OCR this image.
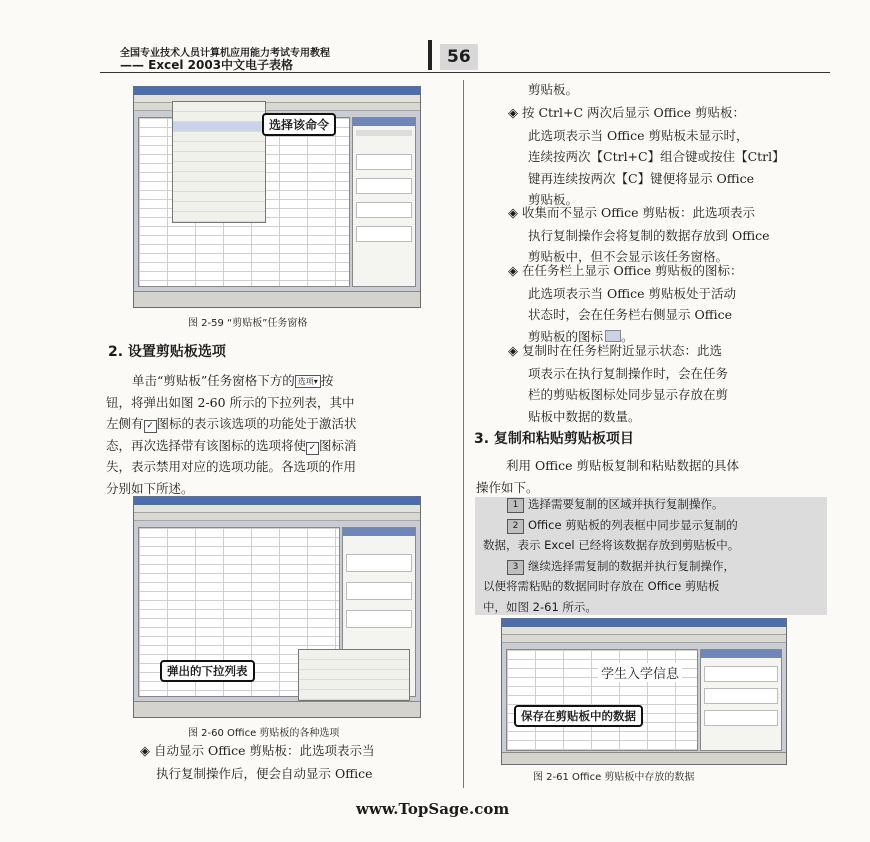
全国专业技术人员计算机应用能力考试专用教程
—— Excel 2003中文电子表格	56
选择该命令
图 2-59 “剪贴板”任务窗格
2. 设置剪贴板选项
单击“剪贴板”任务窗格下方的 选项▾ 按
钮，将弹出如图 2-60 所示的下拉列表，其中
左侧有 ✓ 图标的表示该选项的功能处于激活状
态，再次选择带有该图标的选项将使 ✓ 图标消
失，表示禁用对应的选项功能。各选项的作用
分别如下所述。
弹出的下拉列表
图 2-60 Office 剪贴板的各种选项
◈ 自动显示 Office 剪贴板：此选项表示当
执行复制操作后，便会自动显示 Office
剪贴板。
◈ 按 Ctrl+C 两次后显示 Office 剪贴板：
此选项表示当 Office 剪贴板未显示时，
连续按两次【Ctrl+C】组合键或按住【Ctrl】
键再连续按两次【C】键便将显示 Office
剪贴板。
◈ 收集而不显示 Office 剪贴板：此选项表示
执行复制操作会将复制的数据存放到 Office
剪贴板中，但不会显示该任务窗格。
◈ 在任务栏上显示 Office 剪贴板的图标：
此选项表示当 Office 剪贴板处于活动
状态时，会在任务栏右侧显示 Office
剪贴板的图标 。
◈ 复制时在任务栏附近显示状态：此选
项表示在执行复制操作时，会在任务
栏的剪贴板图标处同步显示存放在剪
贴板中数据的数量。
3. 复制和粘贴剪贴板项目
利用 Office 剪贴板复制和粘贴数据的具体
操作如下。
1 选择需要复制的区域并执行复制操作。
2 Office 剪贴板的列表框中同步显示复制的
数据，表示 Excel 已经将该数据存放到剪贴板中。
3 继续选择需复制的数据并执行复制操作，
以便将需粘贴的数据同时存放在 Office 剪贴板
中，如图 2-61 所示。
学生入学信息
保存在剪贴板中的数据
图 2-61 Office 剪贴板中存放的数据
www.TopSage.com
